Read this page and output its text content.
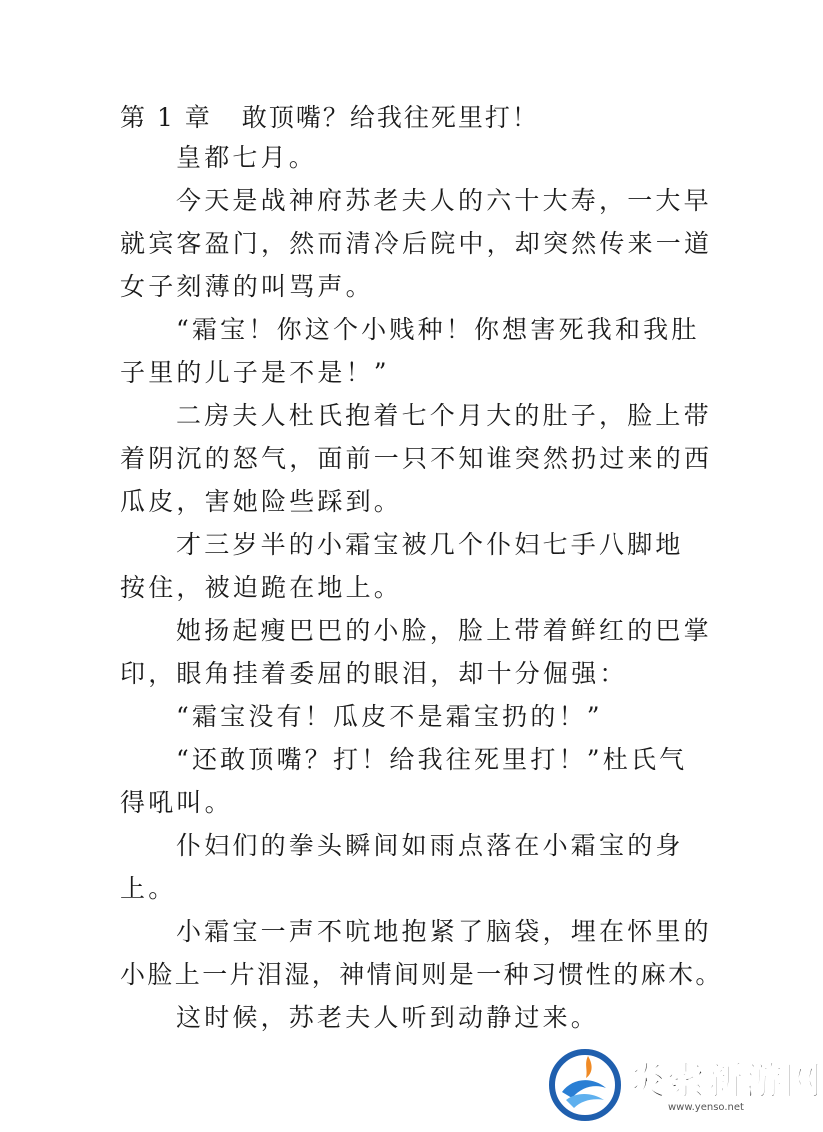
第 1 章 敢顶嘴？给我往死里打！
皇都七月。
今天是战神府苏老夫人的六十大寿，一大早
就宾客盈门，然而清冷后院中，却突然传来一道
女子刻薄的叫骂声。
“霜宝！你这个小贱种！你想害死我和我肚
子里的儿子是不是！”
二房夫人杜氏抱着七个月大的肚子，脸上带
着阴沉的怒气，面前一只不知谁突然扔过来的西
瓜皮，害她险些踩到。
才三岁半的小霜宝被几个仆妇七手八脚地
按住，被迫跪在地上。
她扬起瘦巴巴的小脸，脸上带着鲜红的巴掌
印，眼角挂着委屈的眼泪，却十分倔强：
“霜宝没有！瓜皮不是霜宝扔的！”
“还敢顶嘴？打！给我往死里打！”杜氏气
得吼叫。
仆妇们的拳头瞬间如雨点落在小霜宝的身
上。
小霜宝一声不吭地抱紧了脑袋，埋在怀里的
小脸上一片泪湿，神情间则是一种习惯性的麻木。
这时候，苏老夫人听到动静过来。
炎索新游网
www.yenso.net
